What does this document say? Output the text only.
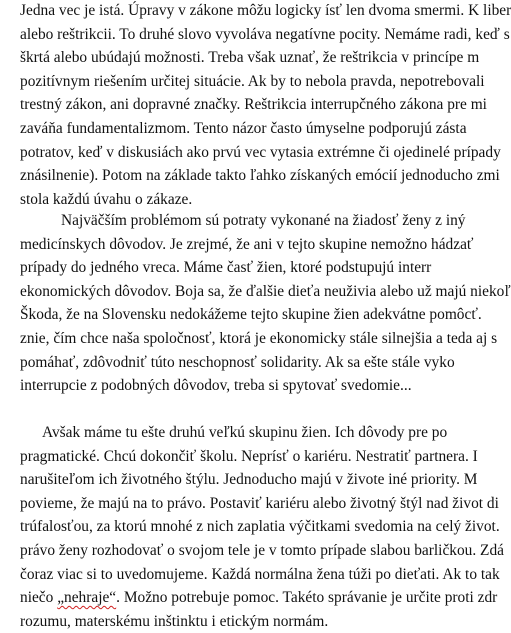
Jedna vec je istá. Úpravy v zákone môžu logicky ísť len dvoma smermi. K liber
alebo reštrikcii. To druhé slovo vyvoláva negatívne pocity. Nemáme radi, keď s
škrtá alebo ubúdajú možnosti. Treba však uznať, že reštrikcia v princípe m
pozitívnym riešením určitej situácie. Ak by to nebola pravda, nepotrebovali
trestný zákon, ani dopravné značky. Reštrikcia interrupčného zákona pre mi
zaváňa fundamentalizmom. Tento názor často úmyselne podporujú zásta
potratov, keď v diskusiách ako prvú vec vytasia extrémne či ojedinelé prípady
znásilnenie). Potom na základe takto ľahko získaných emócií jednoducho zmi
stola každú úvahu o zákaze.
Najväčším problémom sú potraty vykonané na žiadosť ženy z iný
medicínskych dôvodov. Je zrejmé, že ani v tejto skupine nemožno hádzať
prípady do jedného vreca. Máme časť žien, ktoré podstupujú interr
ekonomických dôvodov. Boja sa, že ďalšie dieťa neuživia alebo už majú niekoľ
Škoda, že na Slovensku nedokážeme tejto skupine žien adekvátne pomôcť.
znie, čím chce naša spoločnosť, ktorá je ekonomicky stále silnejšia a teda aj s
pomáhať, zdôvodniť túto neschopnosť solidarity. Ak sa ešte stále vyko
interrupcie z podobných dôvodov, treba si spytovať svedomie...
Avšak máme tu ešte druhú veľkú skupinu žien. Ich dôvody pre po
pragmatické. Chcú dokončiť školu. Neprísť o kariéru. Nestratiť partnera. I
narušiteľom ich životného štýlu. Jednoducho majú v živote iné priority. M
povieme, že majú na to právo. Postaviť kariéru alebo životný štýl nad život di
trúfalosťou, za ktorú mnohé z nich zaplatia výčitkami svedomia na celý život.
právo ženy rozhodovať o svojom tele je v tomto prípade slabou barličkou. Zdá
čoraz viac si to uvedomujeme. Každá normálna žena túži po dieťati. Ak to tak
niečo „nehraje“. Možno potrebuje pomoc. Takéto správanie je určite proti zdr
rozumu, materskému inštinktu i etickým normám.
